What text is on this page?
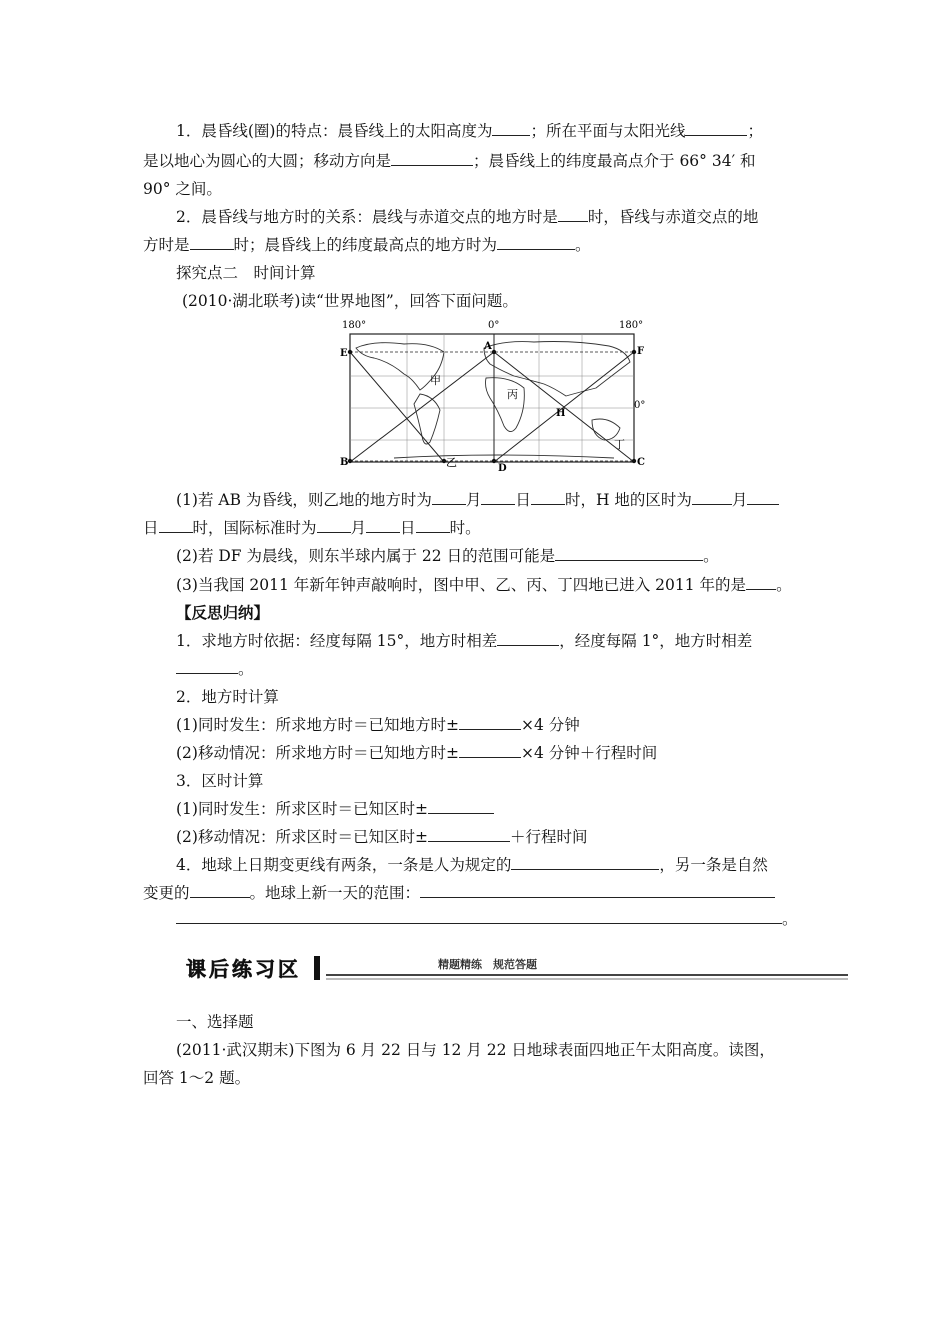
1．晨昏线(圈)的特点：晨昏线上的太阳高度为 ；所在平面与太阳光线	；
是以地心为圆心的大圆；移动方向是	；晨昏线上的纬度最高点介于 66° 34′ 和
90° 之间。
2．晨昏线与地方时的关系：晨线与赤道交点的地方时是 时，昏线与赤道交点的地
方时是	时；晨昏线上的纬度最高点的地方时为	。
探究点二　时间计算
(2010·湖北联考)读“世界地图”，回答下面问题。
180°	0°	180°
A
B	C
D
E	F
H
甲
乙
丙
丁
0°
(1)若 AB 为昏线，则乙地的地方时为 月 日 时，H 地的区时为	月
日 时，国际标准时为 月 日 时。
(2)若 DF 为晨线，则东半球内属于 22 日的范围可能是	。
(3)当我国 2011 年新年钟声敲响时，图中甲、乙、丙、丁四地已进入 2011 年的是 。
【反思归纳】
1．求地方时依据：经度每隔 15°，地方时相差	，经度每隔 1°，地方时相差
。
2．地方时计算
(1)同时发生：所求地方时＝已知地方时±	×4 分钟
(2)移动情况：所求地方时＝已知地方时±	×4 分钟＋行程时间
3．区时计算
(1)同时发生：所求区时＝已知区时±
(2)移动情况：所求区时＝已知区时±	＋行程时间
4．地球上日期变更线有两条，一条是人为规定的	，另一条是自然
变更的	。地球上新一天的范围：
。
课后练习区	精题精练　规范答题
一、选择题
(2011·武汉期末)下图为 6 月 22 日与 12 月 22 日地球表面四地正午太阳高度。读图，
回答 1～2 题。
